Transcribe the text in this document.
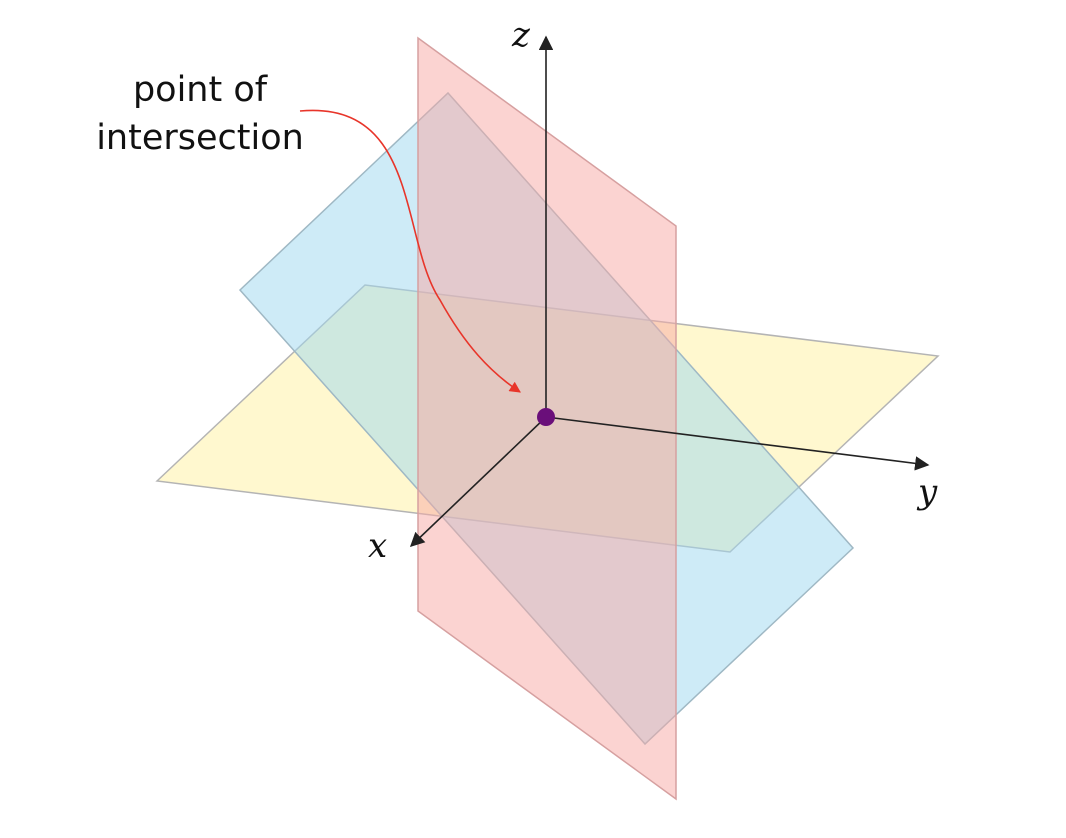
z
y
x
point of
intersection
